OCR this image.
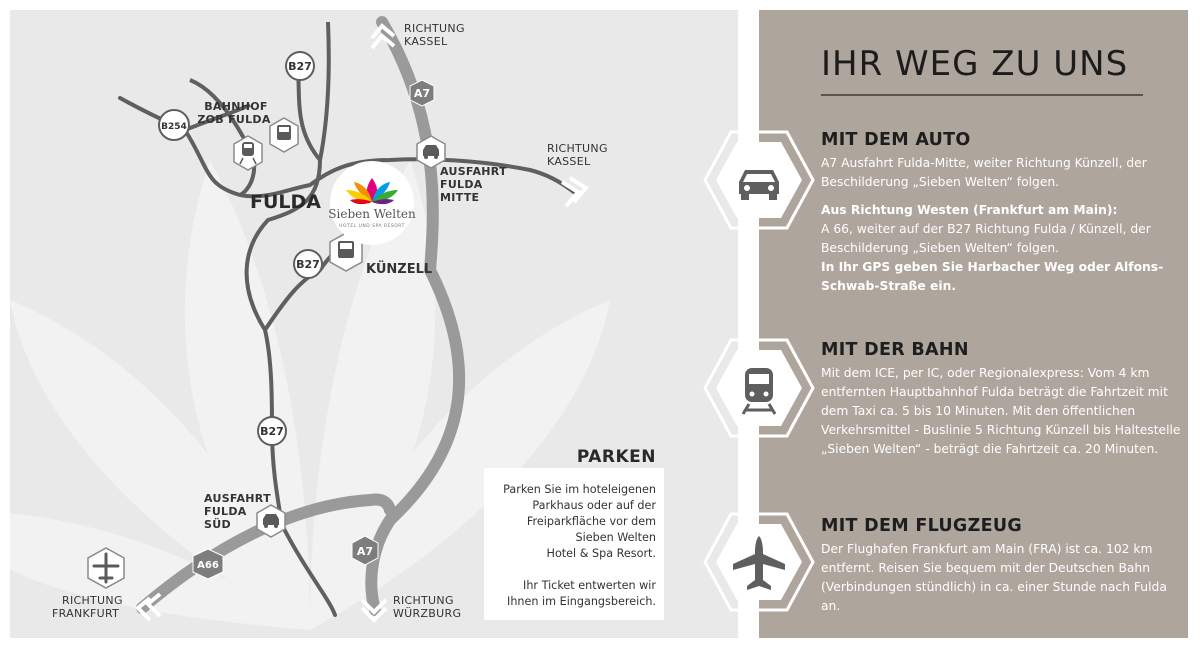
B27
B254
B27
B27
A7
A7
A66
Sieben Welten
HOTEL UND SPA RESORT
FULDA
KÜNZELL
BAHNHOF
ZOB FULDA
AUSFAHRT
FULDA
MITTE
AUSFAHRT
FULDA
SÜD
RICHTUNG
KASSEL
RICHTUNG
KASSEL
RICHTUNG
FRANKFURT
RICHTUNG
WÜRZBURG
PARKEN
Parken Sie im hoteleigenen
Parkhaus oder auf der
Freiparkfläche vor dem
Sieben Welten
Hotel & Spa Resort.
Ihr Ticket entwerten wir
Ihnen im Eingangsbereich.
IHR WEG ZU UNS
MIT DEM AUTO

A7 Ausfahrt Fulda-Mitte, weiter Richtung Künzell, der Beschilderung „Sieben Welten“ folgen.

Aus Richtung Westen (Frankfurt am Main):

A 66, weiter auf der B27 Richtung Fulda / Künzell, der Beschilderung „Sieben Welten“ folgen.

In Ihr GPS geben Sie Harbacher Weg oder Alfons-Schwab-Straße ein.

MIT DER BAHN

Mit dem ICE, per IC, oder Regionalexpress: Vom 4 km entfernten Hauptbahnhof Fulda beträgt die Fahrtzeit mit dem Taxi ca. 5 bis 10 Minuten. Mit den öffentlichen Verkehrsmittel - Buslinie 5 Richtung Künzell bis Haltestelle „Sieben Welten“ - beträgt die Fahrtzeit ca. 20 Minuten.

MIT DEM FLUGZEUG

Der Flughafen Frankfurt am Main (FRA) ist ca. 102 km entfernt. Reisen Sie bequem mit der Deutschen Bahn (Verbindungen stündlich) in ca. einer Stunde nach Fulda an.
